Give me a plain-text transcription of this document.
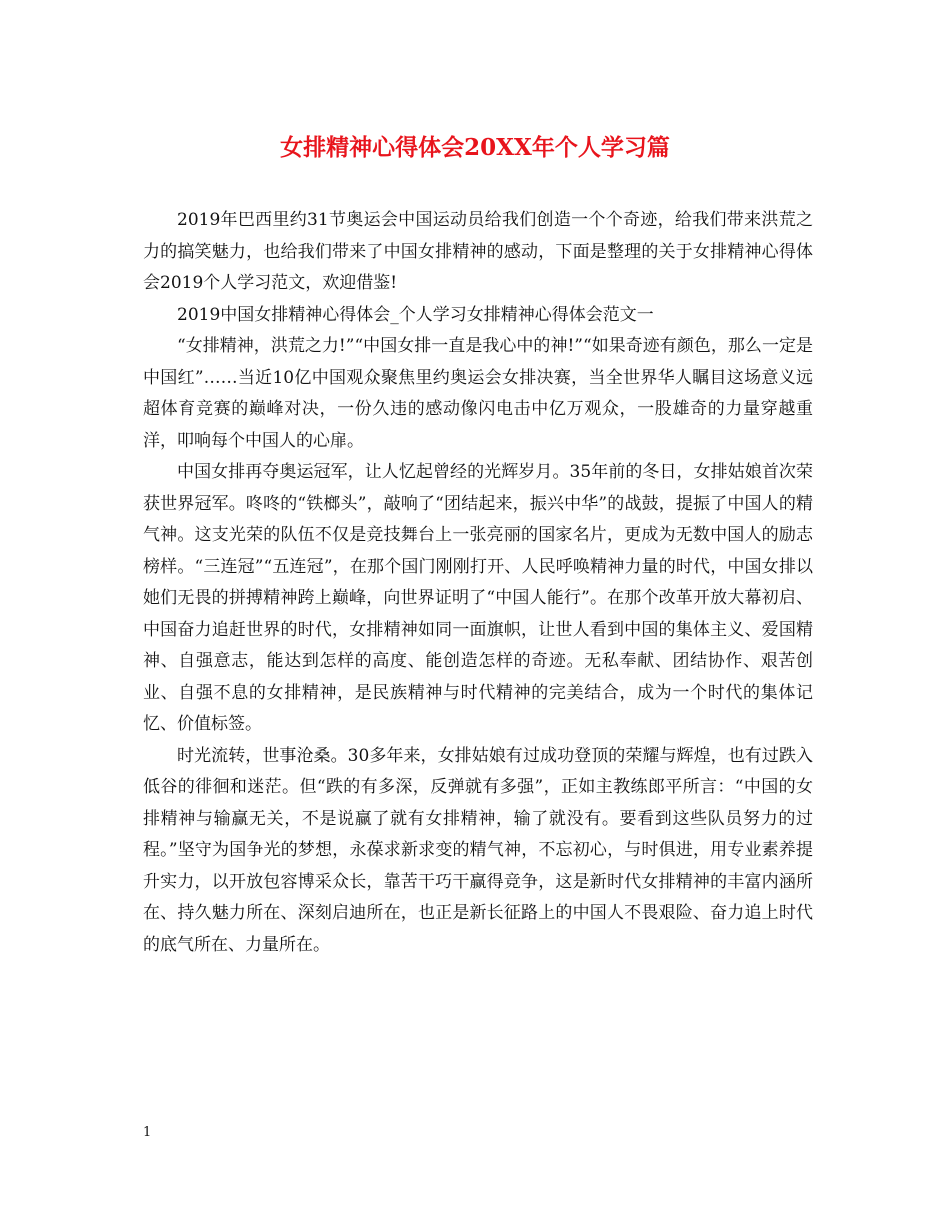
女排精神心得体会20XX年个人学习篇

2019年巴西里约31节奥运会中国运动员给我们创造一个个奇迹，给我们带来洪荒之力的搞笑魅力，也给我们带来了中国女排精神的感动，下面是整理的关于女排精神心得体会2019个人学习范文，欢迎借鉴!

2019中国女排精神心得体会_个人学习女排精神心得体会范文一

“女排精神，洪荒之力!”“中国女排一直是我心中的神!”“如果奇迹有颜色，那么一定是中国红”……当近10亿中国观众聚焦里约奥运会女排决赛，当全世界华人瞩目这场意义远超体育竞赛的巅峰对决，一份久违的感动像闪电击中亿万观众，一股雄奇的力量穿越重洋，叩响每个中国人的心扉。

中国女排再夺奥运冠军，让人忆起曾经的光辉岁月。35年前的冬日，女排姑娘首次荣获世界冠军。咚咚的“铁榔头”，敲响了“团结起来，振兴中华”的战鼓，提振了中国人的精气神。这支光荣的队伍不仅是竞技舞台上一张亮丽的国家名片，更成为无数中国人的励志榜样。“三连冠”“五连冠”，在那个国门刚刚打开、人民呼唤精神力量的时代，中国女排以她们无畏的拼搏精神跨上巅峰，向世界证明了“中国人能行”。在那个改革开放大幕初启、中国奋力追赶世界的时代，女排精神如同一面旗帜，让世人看到中国的集体主义、爱国精神、自强意志，能达到怎样的高度、能创造怎样的奇迹。无私奉献、团结协作、艰苦创业、自强不息的女排精神，是民族精神与时代精神的完美结合，成为一个时代的集体记忆、价值标签。

时光流转，世事沧桑。30多年来，女排姑娘有过成功登顶的荣耀与辉煌，也有过跌入低谷的徘徊和迷茫。但“跌的有多深，反弹就有多强”，正如主教练郎平所言：“中国的女排精神与输赢无关，不是说赢了就有女排精神，输了就没有。要看到这些队员努力的过程。”坚守为国争光的梦想，永葆求新求变的精气神，不忘初心，与时俱进，用专业素养提升实力，以开放包容博采众长，靠苦干巧干赢得竞争，这是新时代女排精神的丰富内涵所在、持久魅力所在、深刻启迪所在，也正是新长征路上的中国人不畏艰险、奋力追上时代的底气所在、力量所在。

1
